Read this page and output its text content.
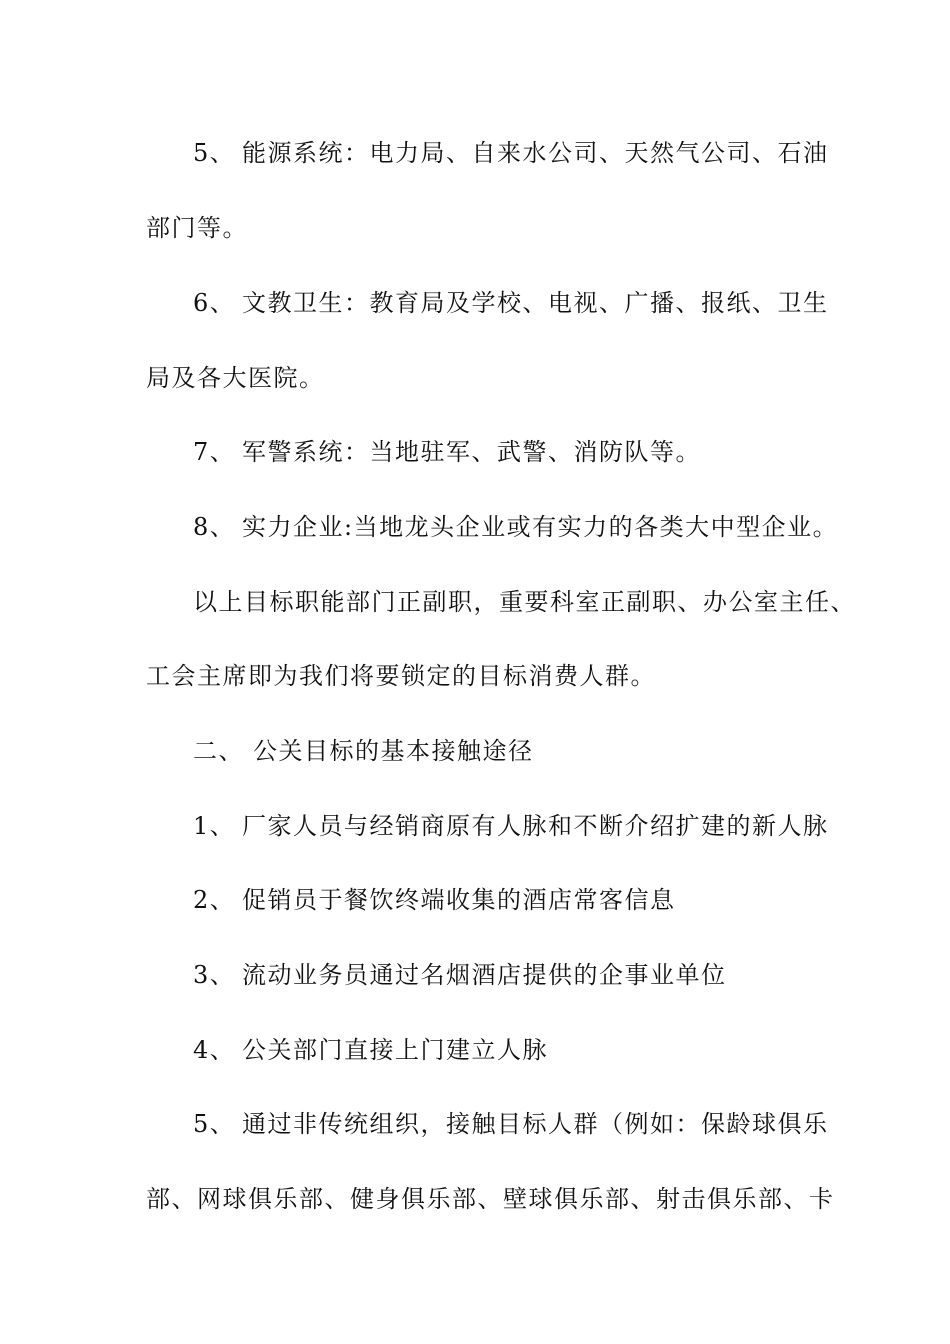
5、 能源系统：电力局、自来水公司、天然气公司、石油
部门等。
6、 文教卫生：教育局及学校、电视、广播、报纸、卫生
局及各大医院。
7、 军警系统：当地驻军、武警、消防队等。
8、 实力企业:当地龙头企业或有实力的各类大中型企业。
以上目标职能部门正副职，重要科室正副职、办公室主任、
工会主席即为我们将要锁定的目标消费人群。
二、 公关目标的基本接触途径
1、 厂家人员与经销商原有人脉和不断介绍扩建的新人脉
2、 促销员于餐饮终端收集的酒店常客信息
3、 流动业务员通过名烟酒店提供的企事业单位
4、 公关部门直接上门建立人脉
5、 通过非传统组织，接触目标人群（例如：保龄球俱乐
部、网球俱乐部、健身俱乐部、壁球俱乐部、射击俱乐部、卡
